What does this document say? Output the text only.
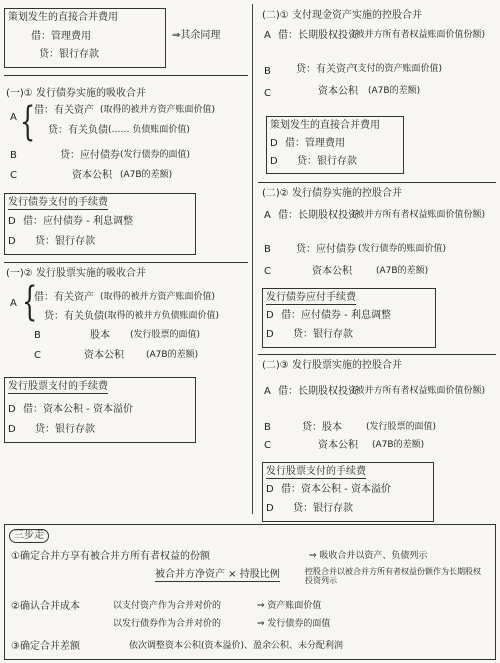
策划发生的直接合并费用
借：管理费用
贷：银行存款
⇒其余同理
(一)① 发行债券实施的吸收合并
{
A
借：有关资产 (取得的被并方资产账面价值)
贷：有关负债 (…… 负债账面价值)
B	贷：应付债券 (发行债券的面值)
C	资本公积 (A7B的差额)
发行债券支付的手续费
D 借：应付债券 - 利息调整
D 贷：银行存款
(一)② 发行股票实施的吸收合并
{
A
借：有关资产 (取得的被并方资产账面价值)
贷：有关负债 (取得的被并方负债账面价值)
B	股本 (发行股票的面值)
C	资本公积 (A7B的差额)
发行股票支付的手续费
D 借：资本公积 - 资本溢价
D 贷：银行存款
(二)① 支付现金资产实施的控股合并
A 借：长期股权投资
(被并方所有者权益账面价值份额)
B	贷：有关资产
(支付的资产账面价值)
C	资本公积 (A7B的差额)
策划发生的直接合并费用
D 借：管理费用
D 贷：银行存款
(二)② 发行债券实施的控股合并
A 借：长期股权投资
(被并方所有者权益账面价值份额)
B	贷：应付债券 (发行债券的账面价值)
C	资本公积	(A7B的差额)
发行债券应付手续费
D 借：应付债券 - 利息调整
D 贷：银行存款
(二)③ 发行股票实施的控股合并
A 借：长期股权投资
(被并方所有者权益账面价值份额)
B	贷：股本	(发行股票的面值)
C	资本公积 (A7B的差额)
发行股票支付的手续费
D 借：资本公积 - 资本溢价
D 贷：银行存款
三步走
①确定合并方享有被合并方所有者权益的份额
被合并方净资产 × 持股比例
⇒ 吸收合并以资产、负债列示
控股合并以被合并方所有者权益份额作为长期股权投资列示
②确认合并成本	以支付资产作为合并对价的	⇒ 资产账面价值
以发行债券作为合并对价的	⇒ 发行债券的面值
③确定合并差额	依次调整资本公积(资本溢价)、盈余公积、未分配利润
